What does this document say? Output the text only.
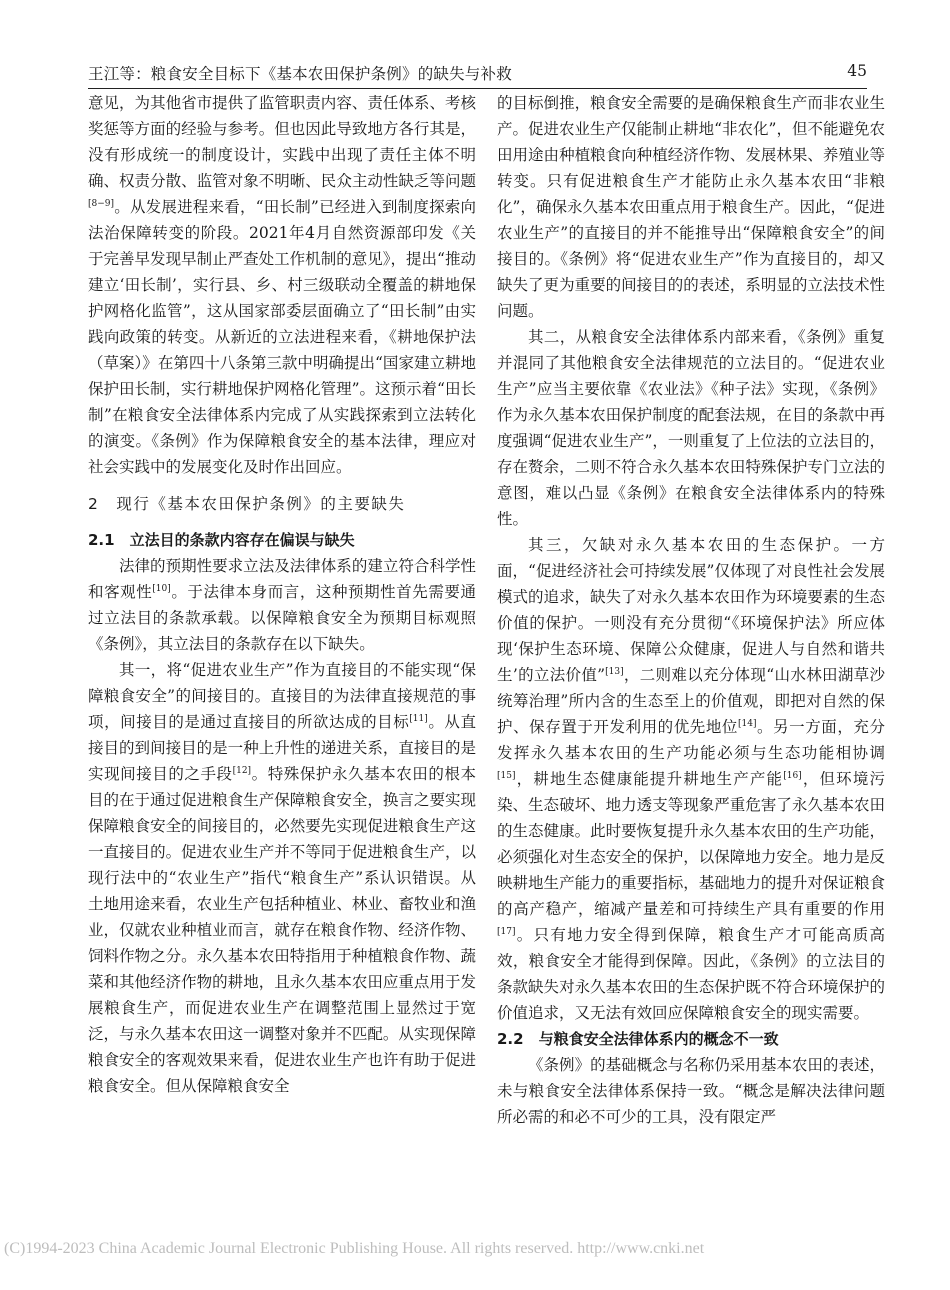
王江等：粮食安全目标下《基本农田保护条例》的缺失与补救	45

意见，为其他省市提供了监管职责内容、责任体系、考核奖惩等方面的经验与参考。但也因此导致地方各行其是，没有形成统一的制度设计，实践中出现了责任主体不明确、权责分散、监管对象不明晰、民众主动性缺乏等问题[8−9]。从发展进程来看，“田长制”已经进入到制度探索向法治保障转变的阶段。2021年4月自然资源部印发《关于完善早发现早制止严查处工作机制的意见》，提出“推动建立‘田长制’，实行县、乡、村三级联动全覆盖的耕地保护网格化监管”，这从国家部委层面确立了“田长制”由实践向政策的转变。从新近的立法进程来看，《耕地保护法（草案）》在第四十八条第三款中明确提出“国家建立耕地保护田长制，实行耕地保护网格化管理”。这预示着“田长制”在粮食安全法律体系内完成了从实践探索到立法转化的演变。《条例》作为保障粮食安全的基本法律，理应对社会实践中的发展变化及时作出回应。

2　现行《基本农田保护条例》的主要缺失

2.1　立法目的条款内容存在偏误与缺失

法律的预期性要求立法及法律体系的建立符合科学性和客观性[10]。于法律本身而言，这种预期性首先需要通过立法目的条款承载。以保障粮食安全为预期目标观照《条例》，其立法目的条款存在以下缺失。

其一，将“促进农业生产”作为直接目的不能实现“保障粮食安全”的间接目的。直接目的为法律直接规范的事项，间接目的是通过直接目的所欲达成的目标[11]。从直接目的到间接目的是一种上升性的递进关系，直接目的是实现间接目的之手段[12]。特殊保护永久基本农田的根本目的在于通过促进粮食生产保障粮食安全，换言之要实现保障粮食安全的间接目的，必然要先实现促进粮食生产这一直接目的。促进农业生产并不等同于促进粮食生产，以现行法中的“农业生产”指代“粮食生产”系认识错误。从土地用途来看，农业生产包括种植业、林业、畜牧业和渔业，仅就农业种植业而言，就存在粮食作物、经济作物、饲料作物之分。永久基本农田特指用于种植粮食作物、蔬菜和其他经济作物的耕地，且永久基本农田应重点用于发展粮食生产，而促进农业生产在调整范围上显然过于宽泛，与永久基本农田这一调整对象并不匹配。从实现保障粮食安全的客观效果来看，促进农业生产也许有助于促进粮食安全。但从保障粮食安全

的目标倒推，粮食安全需要的是确保粮食生产而非农业生产。促进农业生产仅能制止耕地“非农化”，但不能避免农田用途由种植粮食向种植经济作物、发展林果、养殖业等转变。只有促进粮食生产才能防止永久基本农田“非粮化”，确保永久基本农田重点用于粮食生产。因此，“促进农业生产”的直接目的并不能推导出“保障粮食安全”的间接目的。《条例》将“促进农业生产”作为直接目的，却又缺失了更为重要的间接目的的表述，系明显的立法技术性问题。

其二，从粮食安全法律体系内部来看，《条例》重复并混同了其他粮食安全法律规范的立法目的。“促进农业生产”应当主要依靠《农业法》《种子法》实现，《条例》作为永久基本农田保护制度的配套法规，在目的条款中再度强调“促进农业生产”，一则重复了上位法的立法目的，存在赘余，二则不符合永久基本农田特殊保护专门立法的意图，难以凸显《条例》在粮食安全法律体系内的特殊性。

其三，欠缺对永久基本农田的生态保护。一方面，“促进经济社会可持续发展”仅体现了对良性社会发展模式的追求，缺失了对永久基本农田作为环境要素的生态价值的保护。一则没有充分贯彻“《环境保护法》所应体现‘保护生态环境、保障公众健康，促进人与自然和谐共生’的立法价值”[13]，二则难以充分体现“山水林田湖草沙统筹治理”所内含的生态至上的价值观，即把对自然的保护、保存置于开发利用的优先地位[14]。另一方面，充分发挥永久基本农田的生产功能必须与生态功能相协调[15]，耕地生态健康能提升耕地生产产能[16]，但环境污染、生态破坏、地力透支等现象严重危害了永久基本农田的生态健康。此时要恢复提升永久基本农田的生产功能，必须强化对生态安全的保护，以保障地力安全。地力是反映耕地生产能力的重要指标，基础地力的提升对保证粮食的高产稳产，缩减产量差和可持续生产具有重要的作用[17]。只有地力安全得到保障，粮食生产才可能高质高效，粮食安全才能得到保障。因此，《条例》的立法目的条款缺失对永久基本农田的生态保护既不符合环境保护的价值追求，又无法有效回应保障粮食安全的现实需要。

2.2　与粮食安全法律体系内的概念不一致

《条例》的基础概念与名称仍采用基本农田的表述，未与粮食安全法律体系保持一致。“概念是解决法律问题所必需的和必不可少的工具，没有限定严

(C)1994-2023 China Academic Journal Electronic Publishing House. All rights reserved. http://www.cnki.net
